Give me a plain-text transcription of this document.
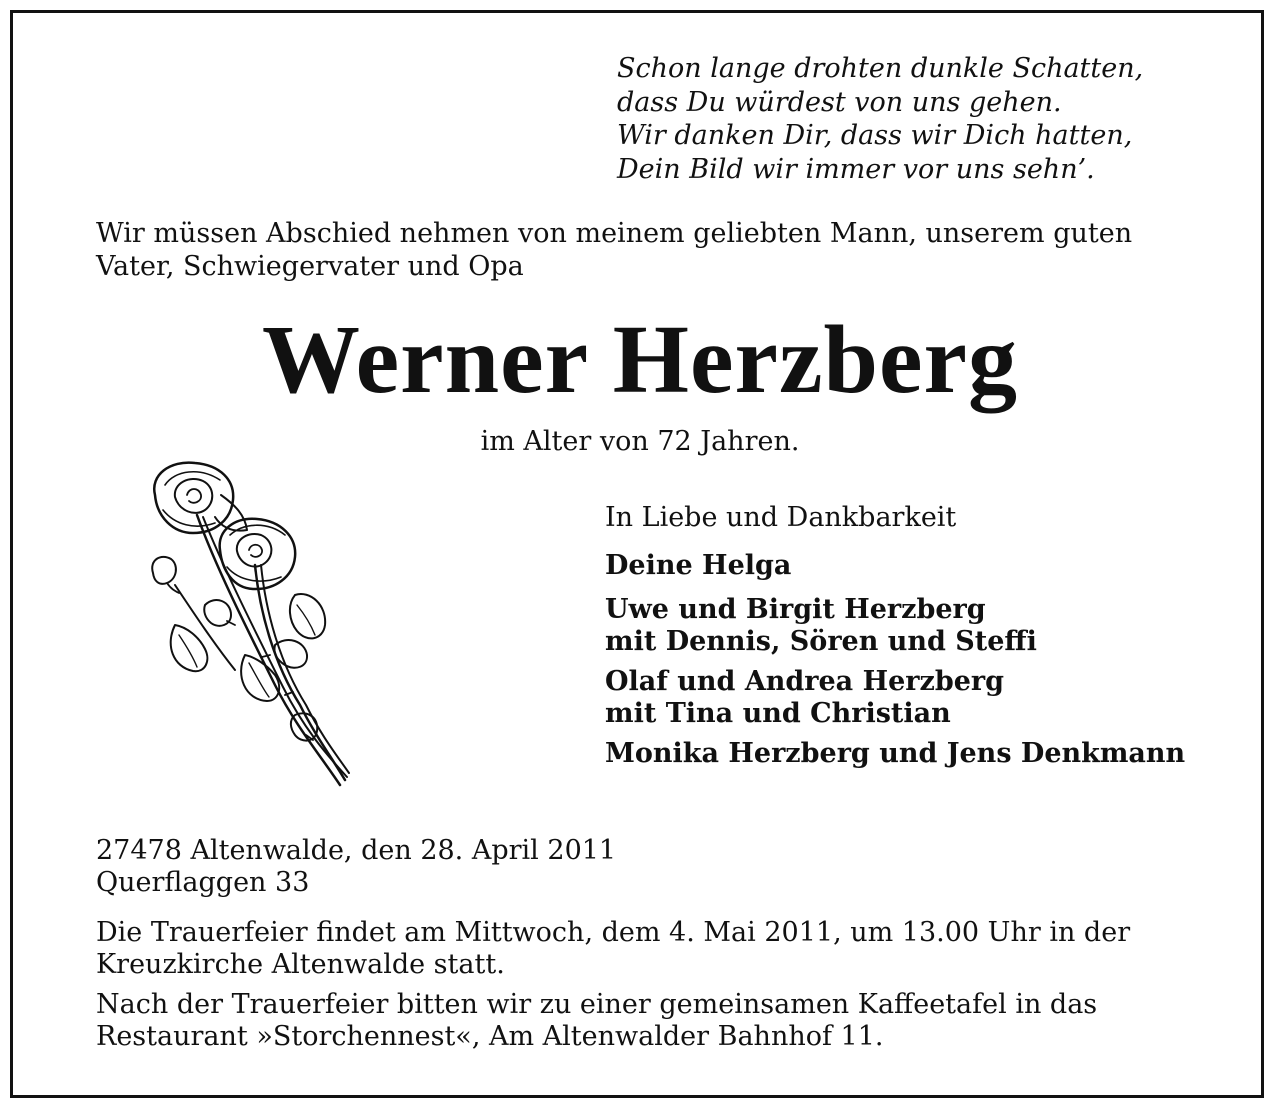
Schon lange drohten dunkle Schatten,
dass Du würdest von uns gehen.
Wir danken Dir, dass wir Dich hatten,
Dein Bild wir immer vor uns sehn’.
Wir müssen Abschied nehmen von meinem geliebten Mann, unserem guten
Vater, Schwiegervater und Opa
Werner Herzberg
im Alter von 72 Jahren.
In Liebe und Dankbarkeit
Deine Helga
Uwe und Birgit Herzberg
mit Dennis, Sören und Steffi
Olaf und Andrea Herzberg
mit Tina und Christian
Monika Herzberg und Jens Denkmann
27478 Altenwalde, den 28. April 2011
Querflaggen 33
Die Trauerfeier findet am Mittwoch, dem 4. Mai 2011, um 13.00 Uhr in der
Kreuzkirche Altenwalde statt.
Nach der Trauerfeier bitten wir zu einer gemeinsamen Kaffeetafel in das
Restaurant »Storchennest«, Am Altenwalder Bahnhof 11.
